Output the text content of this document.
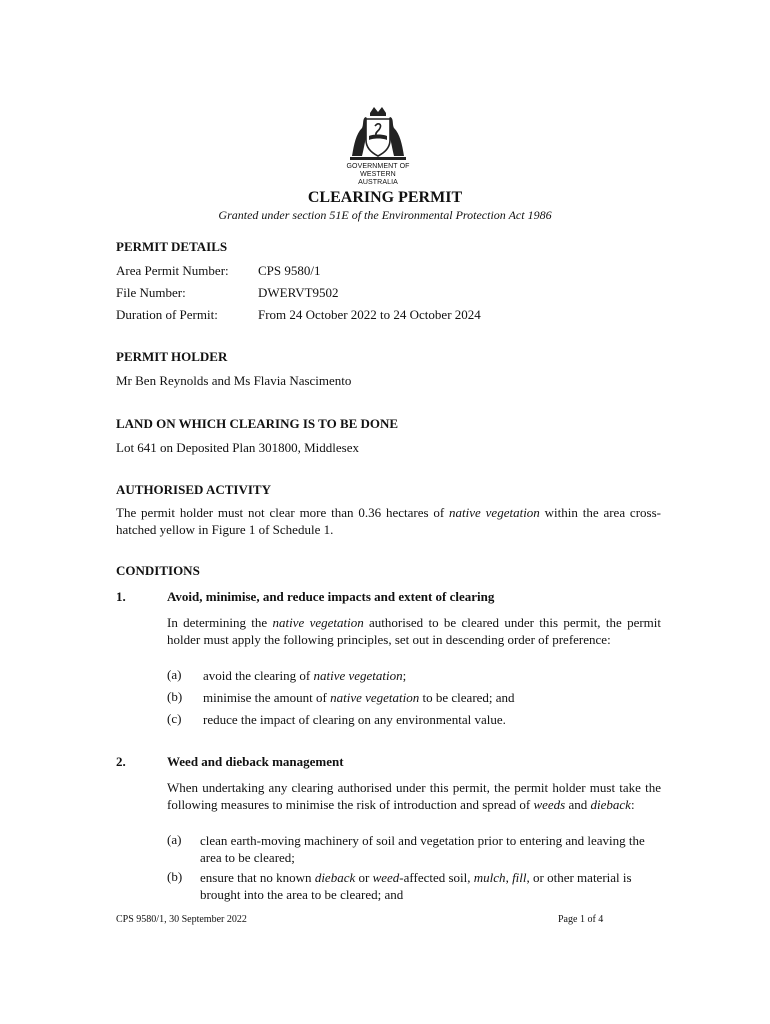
GOVERNMENT OF
WESTERN AUSTRALIA
CLEARING PERMIT
Granted under section 51E of the Environmental Protection Act 1986
PERMIT DETAILS
Area Permit Number: CPS 9580/1
File Number:	DWERVT9502
Duration of Permit:	From 24 October 2022 to 24 October 2024
PERMIT HOLDER
Mr Ben Reynolds and Ms Flavia Nascimento
LAND ON WHICH CLEARING IS TO BE DONE
Lot 641 on Deposited Plan 301800, Middlesex
AUTHORISED ACTIVITY
The permit holder must not clear more than 0.36 hectares of native vegetation within the area cross-hatched yellow in Figure 1 of Schedule 1.
CONDITIONS
1.	Avoid, minimise, and reduce impacts and extent of clearing
In determining the native vegetation authorised to be cleared under this permit, the permit holder must apply the following principles, set out in descending order of preference:
(a) avoid the clearing of native vegetation;
(b) minimise the amount of native vegetation to be cleared; and
(c) reduce the impact of clearing on any environmental value.
2.	Weed and dieback management
When undertaking any clearing authorised under this permit, the permit holder must take the following measures to minimise the risk of introduction and spread of weeds and dieback:
(a) clean earth-moving machinery of soil and vegetation prior to entering and leaving the area to be cleared;
(b) ensure that no known dieback or weed-affected soil, mulch, fill, or other material is brought into the area to be cleared; and
CPS 9580/1, 30 September 2022	Page 1 of 4
